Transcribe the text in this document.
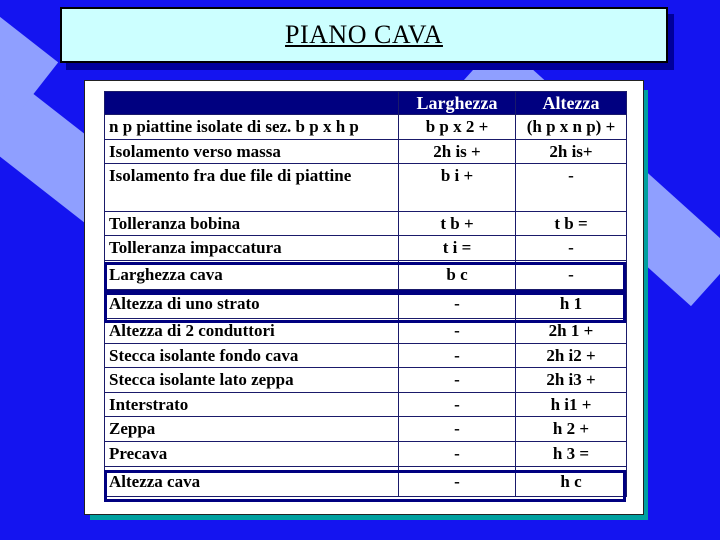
PIANO CAVA
	Larghezza	Altezza
n p piattine isolate di sez. b p x h p	b p x 2 +	(h p x n p) +
Isolamento verso massa	2h is +	2h is+
Isolamento fra due file di piattine	b i +	-
Tolleranza bobina	t b +	t b =
Tolleranza impaccatura	t i =	-
Larghezza cava	b c	-
Altezza di uno strato	-	h 1
Altezza di 2 conduttori	-	2h 1 +
Stecca isolante fondo cava	-	2h i2 +
Stecca isolante lato zeppa	-	2h i3 +
Interstrato	-	h i1 +
Zeppa	-	h 2 +
Precava	-	h 3 =
Altezza cava	-	h c
